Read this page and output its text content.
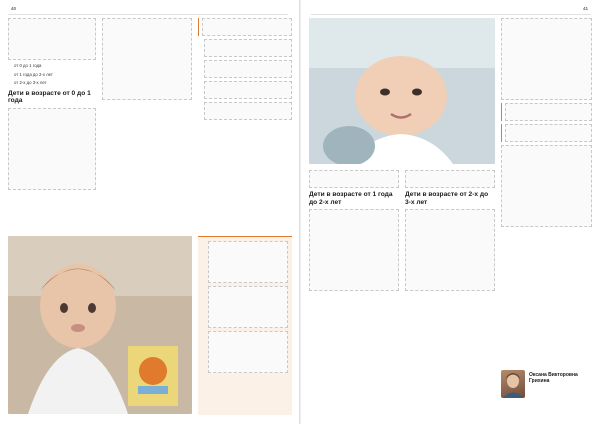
40

• от 0 до 1 года
• от 1 года до 2-х лет
• от 2-х до 3-х лет
Дети в возрасте от 0 до 1 года

•
•
•
•
•
•
•
41

Дети в возрасте от 1 года до 2-х лет

Дети в возрасте от 2-х до 3-х лет

Оксана Викторовна Грихина
